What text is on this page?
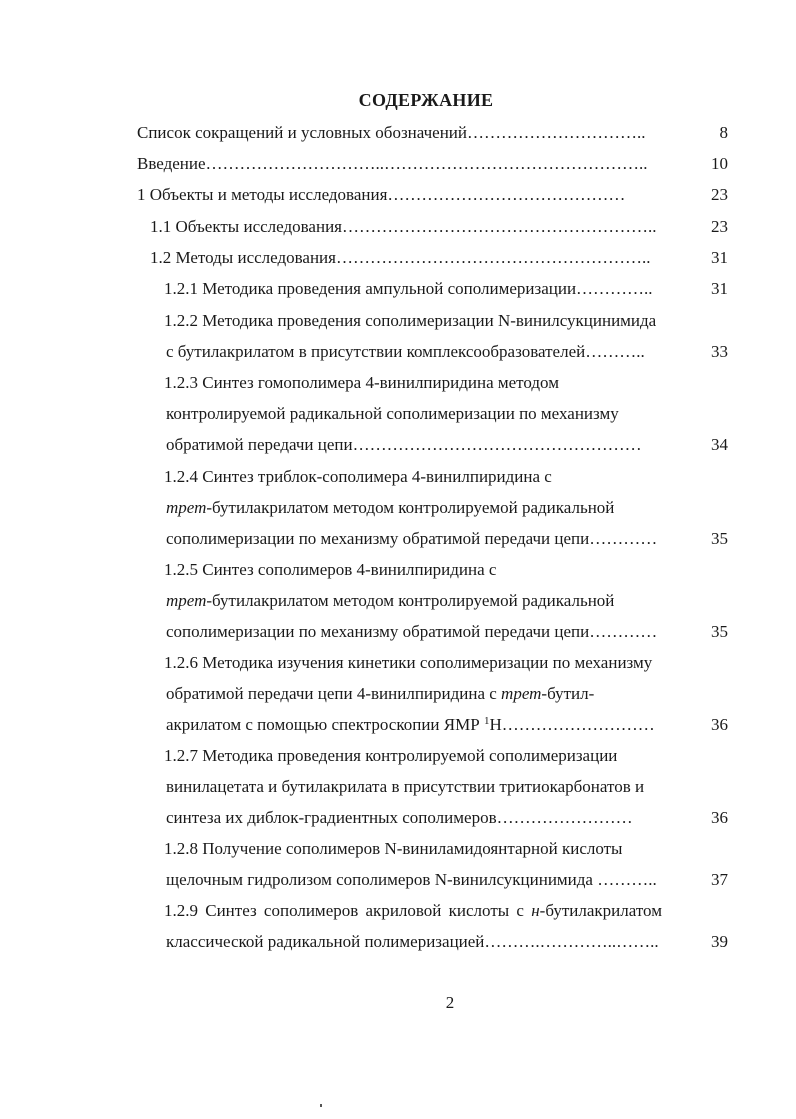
СОДЕРЖАНИЕ
Список сокращений и условных обозначений…………………………..	8
Введение…………………………..………………………………………..	10
1 Объекты и методы исследования……………………………………	23
1.1 Объекты исследования………………………………………………..	23
1.2 Методы исследования………………………………………………..	31
1.2.1 Методика проведения ампульной сополимеризации…………..	31
1.2.2 Методика проведения сополимеризации N-винилсукцинимида
с бутилакрилатом в присутствии комплексообразователей………..	33
1.2.3 Синтез гомополимера 4-винилпиридина методом
контролируемой радикальной сополимеризации по механизму
обратимой передачи цепи……………………………………………	34
1.2.4 Синтез триблок-сополимера 4-винилпиридина с
трет-бутилакрилатом методом контролируемой радикальной
сополимеризации по механизму обратимой передачи цепи…………	35
1.2.5 Синтез сополимеров 4-винилпиридина с
трет-бутилакрилатом методом контролируемой радикальной
сополимеризации по механизму обратимой передачи цепи…………	35
1.2.6 Методика изучения кинетики сополимеризации по механизму
обратимой передачи цепи 4-винилпиридина с трет-бутил-
акрилатом с помощью спектроскопии ЯМР $^1$Н………………………	36
1.2.7 Методика проведения контролируемой сополимеризации
винилацетата и бутилакрилата в присутствии тритиокарбонатов и
синтеза их диблок-градиентных сополимеров……………………	36
1.2.8 Получение сополимеров N-виниламидоянтарной кислоты
щелочным гидролизом сополимеров N-винилсукцинимида ………..	37
1.2.9 Синтез сополимеров акриловой кислоты с н-бутилакрилатом
классической радикальной полимеризацией……….…………..……..	39
2
